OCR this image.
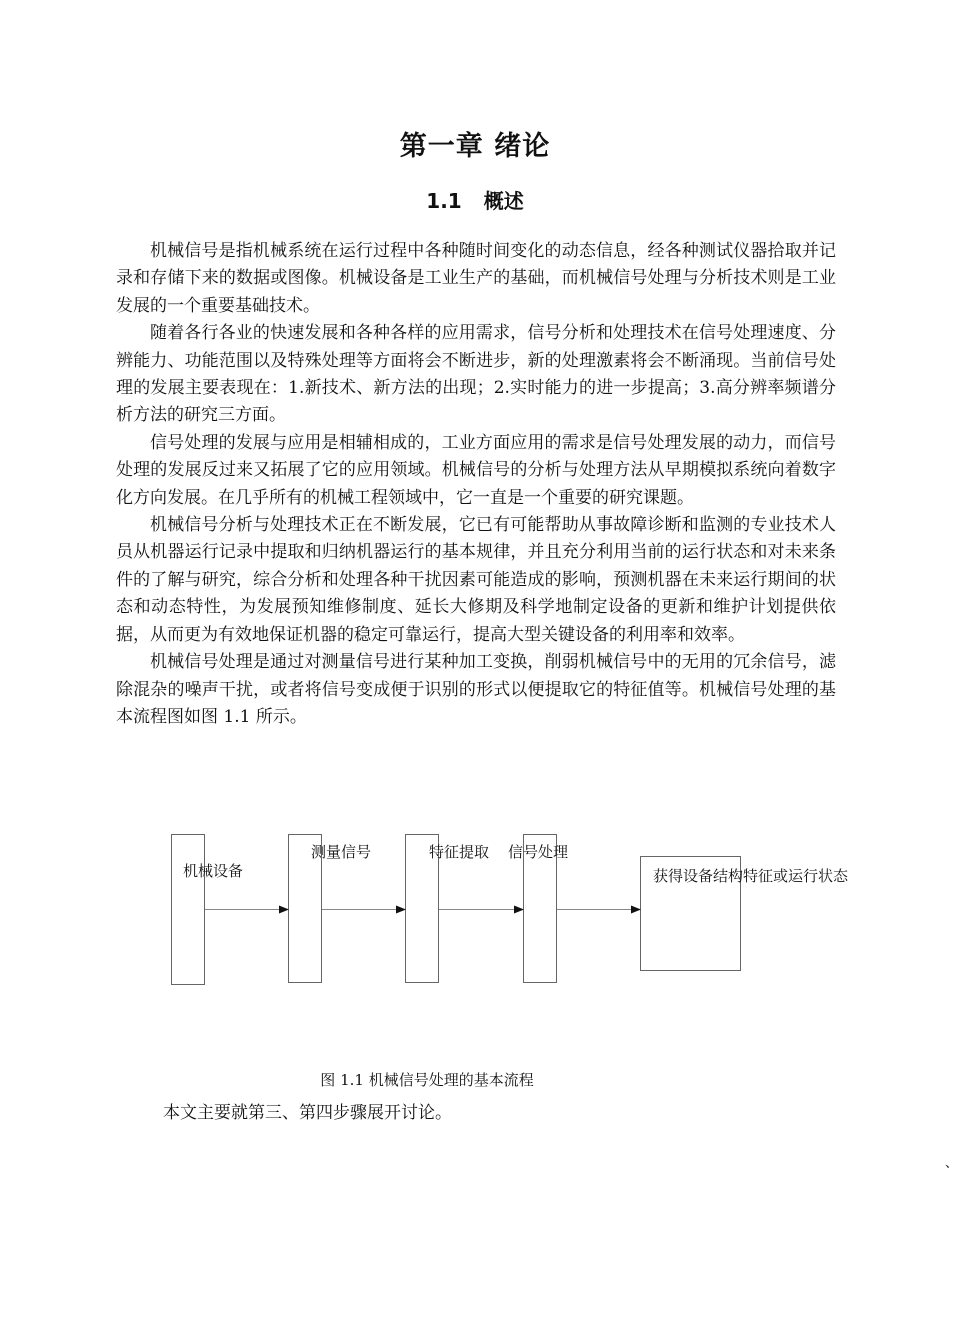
第一章 绪论
1.1 概述

机械信号是指机械系统在运行过程中各种随时间变化的动态信息，经各种测试仪器拾取并记录和存储下来的数据或图像。机械设备是工业生产的基础，而机械信号处理与分析技术则是工业发展的一个重要基础技术。

随着各行各业的快速发展和各种各样的应用需求，信号分析和处理技术在信号处理速度、分辨能力、功能范围以及特殊处理等方面将会不断进步，新的处理激素将会不断涌现。当前信号处理的发展主要表现在：1.新技术、新方法的出现；2.实时能力的进一步提高；3.高分辨率频谱分析方法的研究三方面。

信号处理的发展与应用是相辅相成的，工业方面应用的需求是信号处理发展的动力，而信号处理的发展反过来又拓展了它的应用领域。机械信号的分析与处理方法从早期模拟系统向着数字化方向发展。在几乎所有的机械工程领域中，它一直是一个重要的研究课题。

机械信号分析与处理技术正在不断发展，它已有可能帮助从事故障诊断和监测的专业技术人员从机器运行记录中提取和归纳机器运行的基本规律，并且充分利用当前的运行状态和对未来条件的了解与研究，综合分析和处理各种干扰因素可能造成的影响，预测机器在未来运行期间的状态和动态特性，为发展预知维修制度、延长大修期及科学地制定设备的更新和维护计划提供依据，从而更为有效地保证机器的稳定可靠运行，提高大型关键设备的利用率和效率。

机械信号处理是通过对测量信号进行某种加工变换，削弱机械信号中的无用的冗余信号，滤除混杂的噪声干扰，或者将信号变成便于识别的形式以便提取它的特征值等。机械信号处理的基本流程图如图 1.1 所示。

机械设备
测量信号	特征提取 信号处理
获得设备结构特征或运行状态
图 1.1 机械信号处理的基本流程
本文主要就第三、第四步骤展开讨论。
、
